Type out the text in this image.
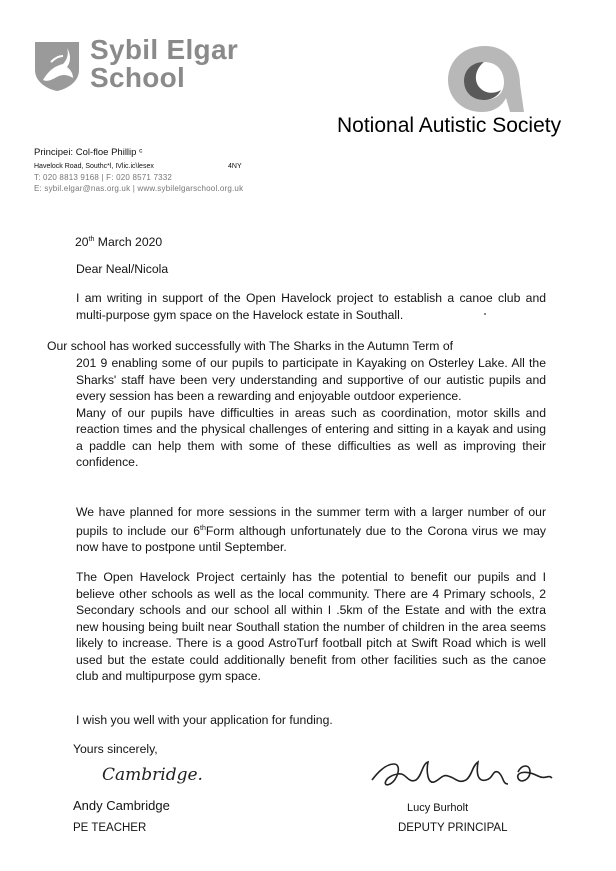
Sybil Elgar
School
Notional Autistic Society
Principei: Col-floe Phillip ᶜ
Havelock Road, Southc*l, IVlic.ic\lesex	4NY
T: 020 8813 9168 | F: 020 8571 7332
E: sybil.elgar@nas.org.uk | www.sybilelgarschool.org.uk
20th March 2020
Dear Neal/Nicola
I am writing in support of the Open Havelock project to establish a canoe club and multi-purpose gym space on the Havelock estate in Southall.
Our school has worked successfully with The Sharks in the Autumn Term of
201 9 enabling some of our pupils to participate in Kayaking on Osterley Lake. All the Sharks' staff have been very understanding and supportive of our autistic pupils and every session has been a rewarding and enjoyable outdoor experience.
Many of our pupils have difficulties in areas such as coordination, motor skills and reaction times and the physical challenges of entering and sitting in a kayak and using a paddle can help them with some of these difficulties as well as improving their confidence.
We have planned for more sessions in the summer term with a larger number of our pupils to include our 6thForm although unfortunately due to the Corona virus we may now have to postpone until September.
The Open Havelock Project certainly has the potential to benefit our pupils and I believe other schools as well as the local community. There are 4 Primary schools, 2 Secondary schools and our school all within I .5km of the Estate and with the extra new housing being built near Southall station the number of children in the area seems likely to increase. There is a good AstroTurf football pitch at Swift Road which is well used but the estate could additionally benefit from other facilities such as the canoe club and multipurpose gym space.
I wish you well with your application for funding.
Yours sincerely,
Cambridge.
Andy Cambridge	Lucy Burholt
PE TEACHER	DEPUTY PRINCIPAL
